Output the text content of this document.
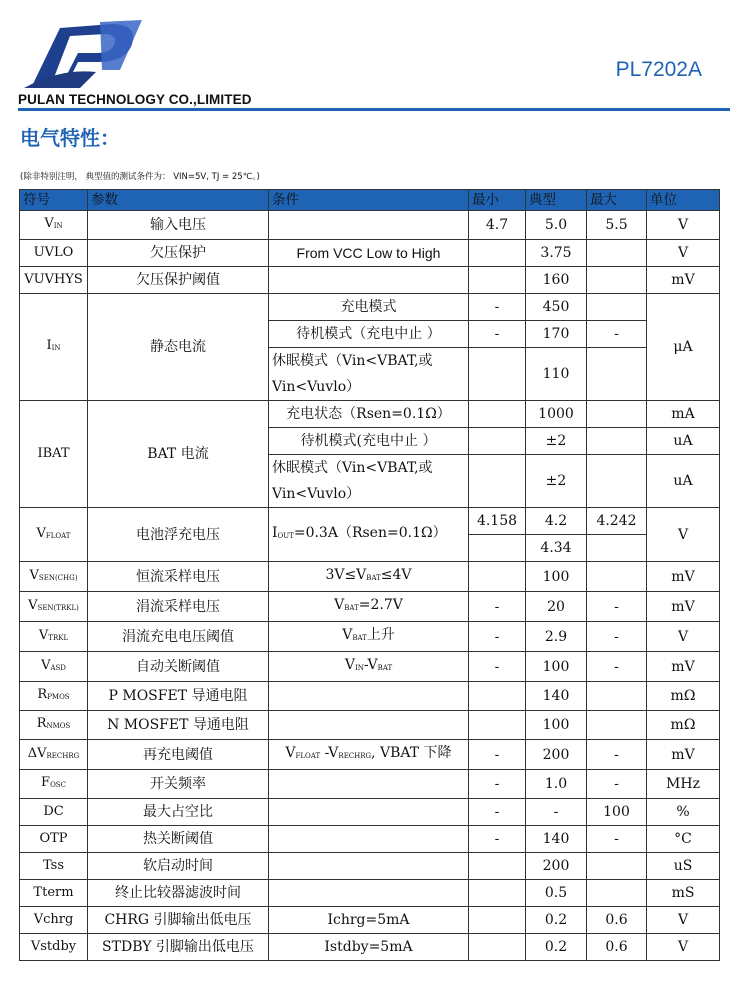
PULAN TECHNOLOGY CO.,LIMITED
PL7202A
电气特性：
(除非特别注明， 典型值的测试条件为： VIN=5V, TJ = 25℃。)
符号	参数	条件	最小	典型	最大	单位
$V_{IN}$	输入电压		4.7	5.0	5.5	V
UVLO	欠压保护	From VCC Low to High		3.75		V
VUVHYS	欠压保护阈值			160		mV
$I_{IN}$	静态电流	充电模式	-	450		μA
		待机模式（充电中止 ）	-	170	-	
		休眠模式（Vin<VBAT,或Vin<Vuvlo）		110		
IBAT	BAT 电流	充电状态（Rsen=0.1Ω）		1000		mA
		待机模式(充电中止 ）		±2		uA
		休眠模式（Vin<VBAT,或Vin<Vuvlo）		±2		uA
$V_{FLOAT}$	电池浮充电压	$I_{OUT}=0.3A(Rsen=0.1\Omega)$	4.158	4.2	4.242	V
				4.34		
$V_{SEN(CHG)}$	恒流采样电压	$3V\le V_{BAT}\le 4V$		100		mV
$V_{SEN(TRKL)}$	涓流采样电压	$V_{BAT}=2.7V$	-	20	-	mV
$V_{TRKL}$	涓流充电电压阈值	$V_{BAT}$上升	-	2.9	-	V
$V_{ASD}$	自动关断阈值	$V_{IN}-V_{BAT}$	-	100	-	mV
$R_{PMOS}$	P MOSFET 导通电阻			140		mΩ
$R_{NMOS}$	N MOSFET 导通电阻			100		mΩ
$\Delta V_{RECHRG}$	再充电阈值	$V_{FLOAT}$ $-V_{RECHRG}$, VBAT 下降	-	200	-	mV
$F_{OSC}$	开关频率		-	1.0	-	MHz
DC	最大占空比		-	-	100	%
OTP	热关断阈值		-	140	-	°C
Tss	软启动时间			200		uS
Tterm	终止比较器滤波时间			0.5		mS
Vchrg	CHRG 引脚输出低电压	Ichrg=5mA		0.2	0.6	V
Vstdby	STDBY 引脚输出低电压	Istdby=5mA		0.2	0.6	V
